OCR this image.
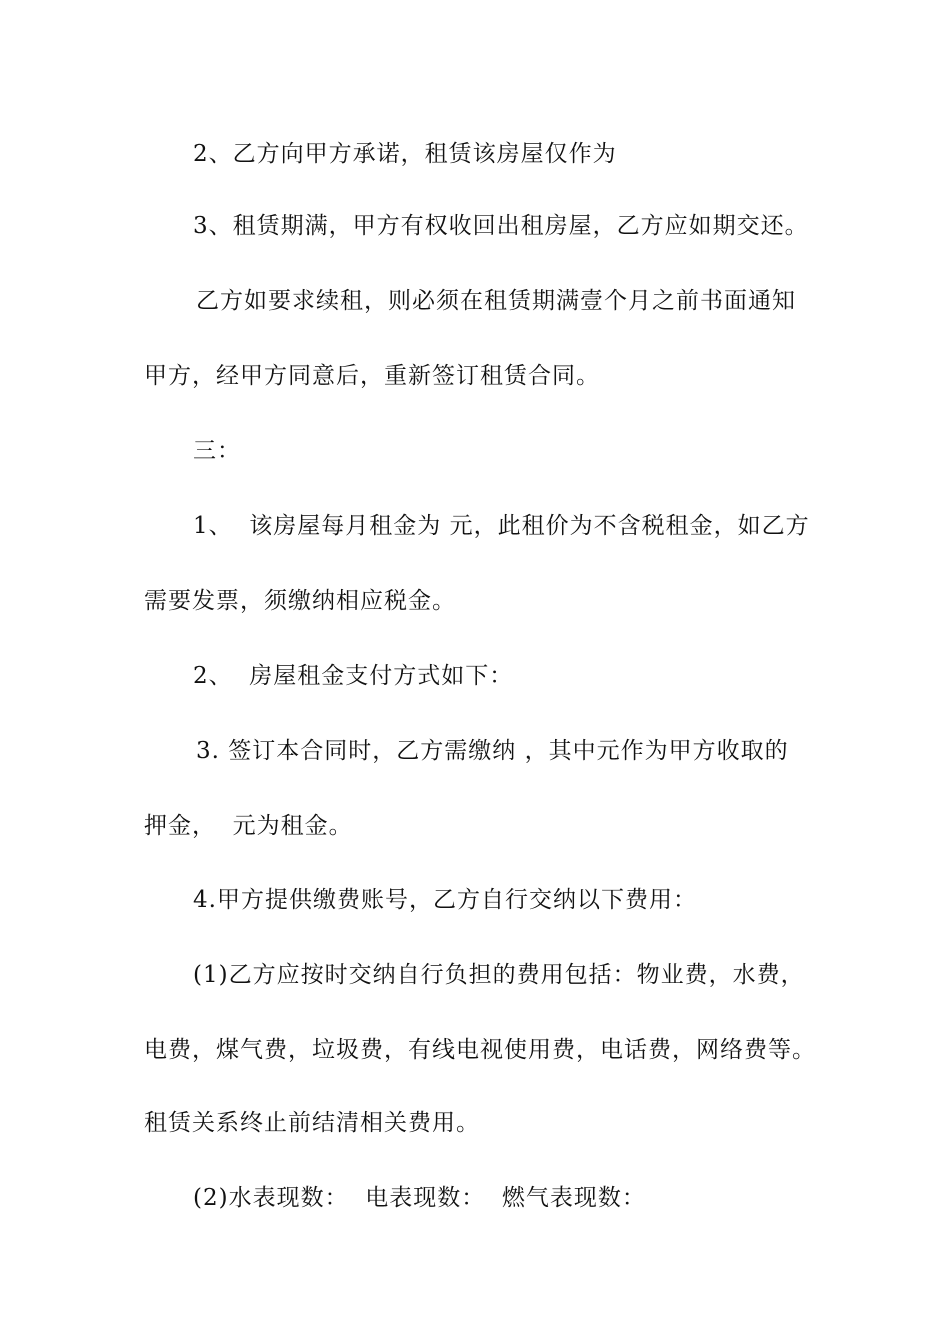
2、乙方向甲方承诺，租赁该房屋仅作为
3、租赁期满，甲方有权收回出租房屋，乙方应如期交还。
乙方如要求续租，则必须在租赁期满壹个月之前书面通知
甲方，经甲方同意后，重新签订租赁合同。
三：
1、  该房屋每月租金为 元，此租价为不含税租金，如乙方
需要发票，须缴纳相应税金。
2、  房屋租金支付方式如下：
3. 签订本合同时，乙方需缴纳 ，其中元作为甲方收取的
押金，  元为租金。
4.甲方提供缴费账号，乙方自行交纳以下费用：
(1)乙方应按时交纳自行负担的费用包括：物业费，水费，
电费，煤气费，垃圾费，有线电视使用费，电话费，网络费等。
租赁关系终止前结清相关费用。
(2)水表现数：  电表现数：  燃气表现数：
